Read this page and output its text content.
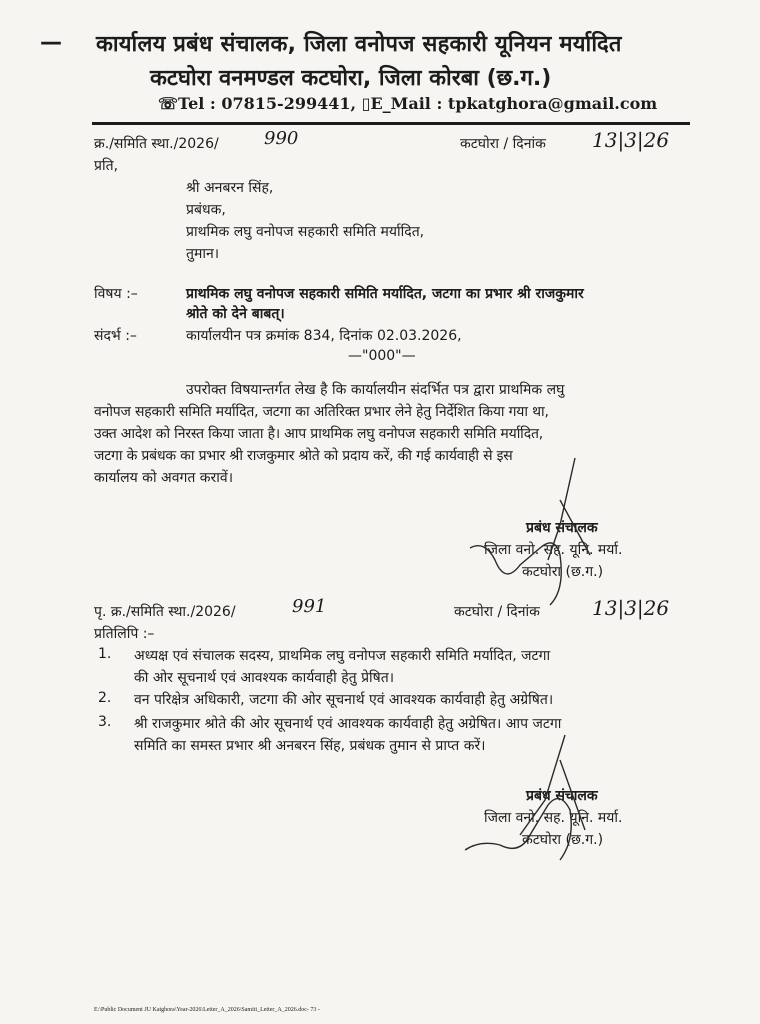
— कार्यालय प्रबंध संचालक, जिला वनोपज सहकारी यूनियन मर्यादित
कटघोरा वनमण्डल कटघोरा, जिला कोरबा (छ.ग.)
☏Tel : 07815-299441, ▯E_Mail : tpkatghora@gmail.com
क्र./समिति स्था./2026/	990	कटघोरा / दिनांक 13|3|26
प्रति,
श्री अनबरन सिंह,
प्रबंधक,
प्राथमिक लघु वनोपज सहकारी समिति मर्यादित,
तुमान।
विषय :–	प्राथमिक लघु वनोपज सहकारी समिति मर्यादित, जटगा का प्रभार श्री राजकुमार
श्रोते को देने बाबत्।
संदर्भ :–	कार्यालयीन पत्र क्रमांक 834, दिनांक 02.03.2026,
—"000"—
उपरोक्त विषयान्तर्गत लेख है कि कार्यालयीन संदर्भित पत्र द्वारा प्राथमिक लघु
वनोपज सहकारी समिति मर्यादित, जटगा का अतिरिक्त प्रभार लेने हेतु निर्देशित किया गया था,
उक्त आदेश को निरस्त किया जाता है। आप प्राथमिक लघु वनोपज सहकारी समिति मर्यादित,
जटगा के प्रबंधक का प्रभार श्री राजकुमार श्रोते को प्रदाय करें, की गई कार्यवाही से इस
कार्यालय को अवगत करावें।
प्रबंध संचालक
जिला वनो. सह. यूनि. मर्या.
कटघोरा (छ.ग.)
पृ. क्र./समिति स्था./2026/	991	कटघोरा / दिनांक	13|3|26
प्रतिलिपि :–
1. अध्यक्ष एवं संचालक सदस्य, प्राथमिक लघु वनोपज सहकारी समिति मर्यादित, जटगा
की ओर सूचनार्थ एवं आवश्यक कार्यवाही हेतु प्रेषित।
2. वन परिक्षेत्र अधिकारी, जटगा की ओर सूचनार्थ एवं आवश्यक कार्यवाही हेतु अग्रेषित।
3. श्री राजकुमार श्रोते की ओर सूचनार्थ एवं आवश्यक कार्यवाही हेतु अग्रेषित। आप जटगा
समिति का समस्त प्रभार श्री अनबरन सिंह, प्रबंधक तुमान से प्राप्त करें।
प्रबंध संचालक
जिला वनो. सह. यूनि. मर्या.
कटघोरा (छ.ग.)
E:\Public Document JU Katghora\Year-2026\Letter_A_2026\Samiti_Letter_A_2026.doc- 73 -
